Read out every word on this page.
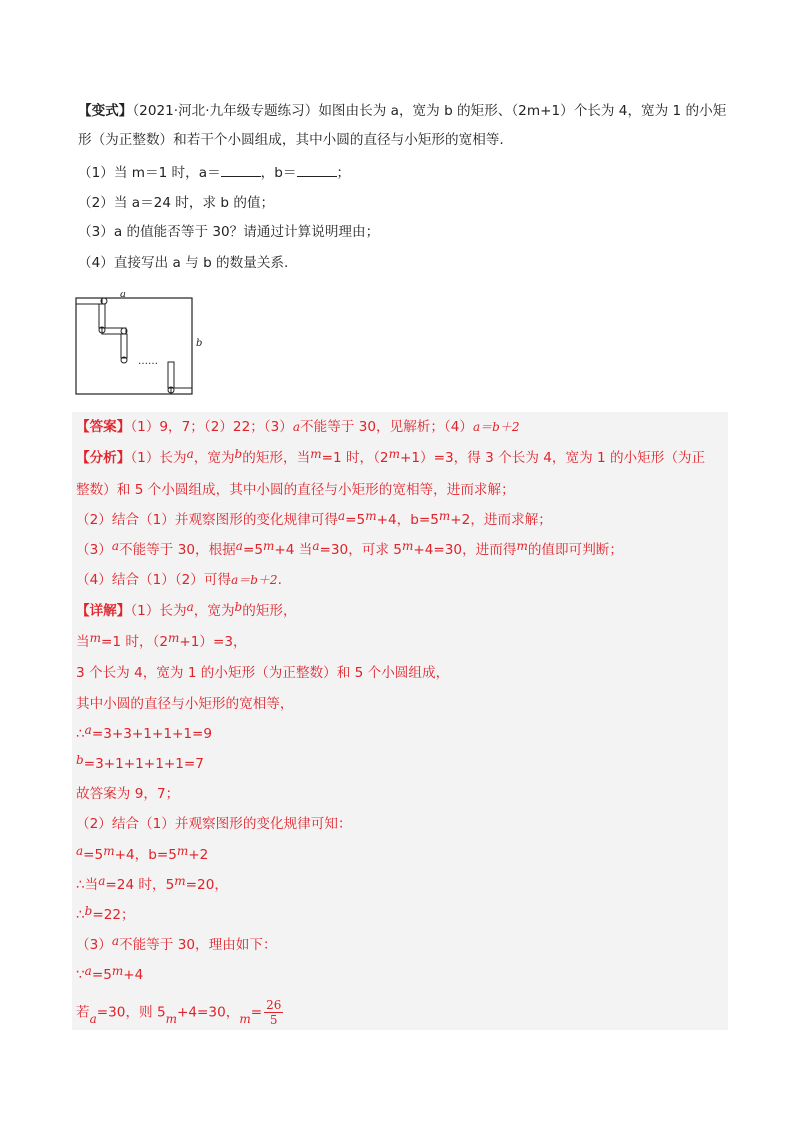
【变式】（2021·河北·九年级专题练习）如图由长为 a，宽为 b 的矩形、（2m+1）个长为 4，宽为 1 的小矩
形（为正整数）和若干个小圆组成，其中小圆的直径与小矩形的宽相等.
（1）当 m＝1 时，a＝	，b＝	；
（2）当 a＝24 时，求 b 的值；
（3）a 的值能否等于 30？请通过计算说明理由；
（4）直接写出 a 与 b 的数量关系.
……
a
b
【答案】（1）9，7；（2）22；（3）a不能等于 30，见解析；（4）a＝b＋2
【分析】（1）长为a，宽为b的矩形，当m=1 时，（2m+1）=3，得 3 个长为 4，宽为 1 的小矩形（为正
整数）和 5 个小圆组成，其中小圆的直径与小矩形的宽相等，进而求解；
（2）结合（1）并观察图形的变化规律可得a=5m+4，b=5m+2，进而求解；
（3）a不能等于 30，根据a=5m+4 当a=30，可求 5m+4=30，进而得m的值即可判断；
（4）结合（1）（2）可得a＝b＋2.
【详解】（1）长为a，宽为b的矩形，
当m=1 时，（2m+1）=3，
3 个长为 4，宽为 1 的小矩形（为正整数）和 5 个小圆组成，
其中小圆的直径与小矩形的宽相等，
∴a=3+3+1+1+1=9
b=3+1+1+1+1=7
故答案为 9，7；
（2）结合（1）并观察图形的变化规律可知：
a=5m+4，b=5m+2
∴当a=24 时，5m=20，
∴b=22；
（3）a不能等于 30，理由如下：
∵a=5m+4
若a=30，则 5m+4=30，$m= \frac{26}{5}$
